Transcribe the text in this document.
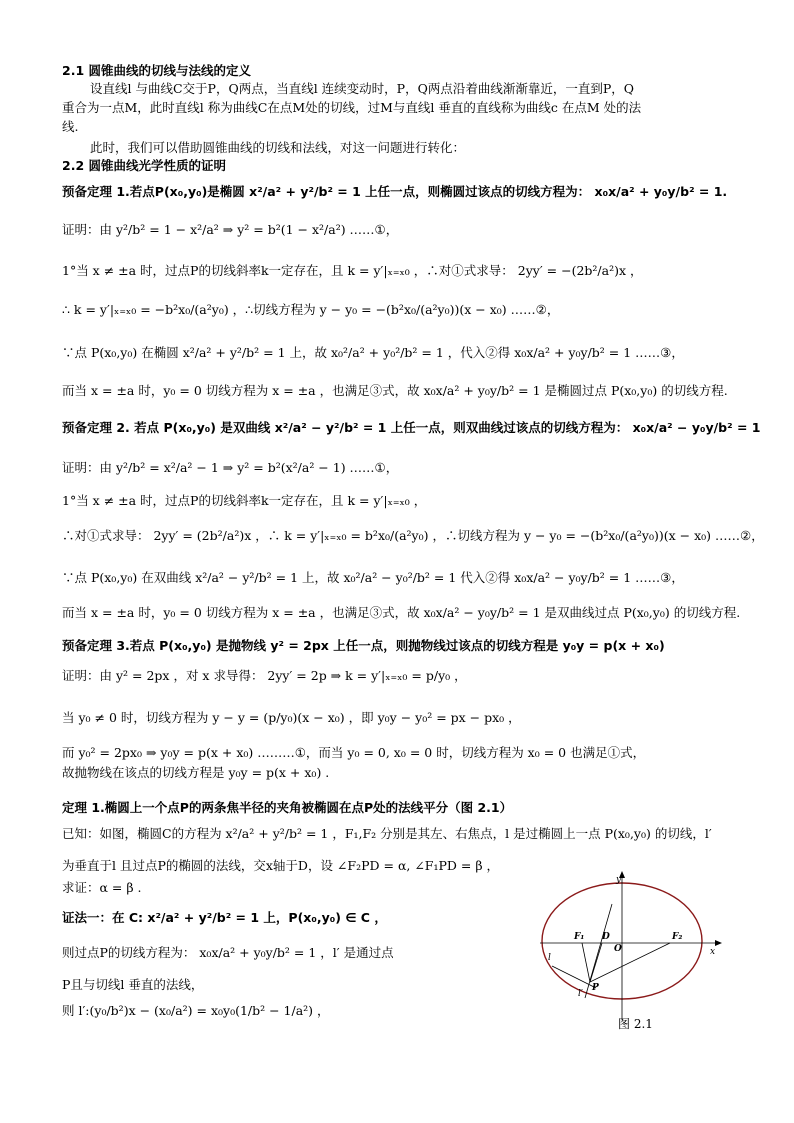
2.1 圆锥曲线的切线与法线的定义
设直线l 与曲线C交于P，Q两点，当直线l 连续变动时，P，Q两点沿着曲线渐渐靠近，一直到P，Q
重合为一点M，此时直线l 称为曲线C在点M处的切线，过M与直线l 垂直的直线称为曲线c 在点M 处的法
线.
此时，我们可以借助圆锥曲线的切线和法线，对这一问题进行转化：
2.2 圆锥曲线光学性质的证明
预备定理 1.若点P(x₀,y₀)是椭圆 x²/a² + y²/b² = 1 上任一点，则椭圆过该点的切线方程为： x₀x/a² + y₀y/b² = 1.
证明：由 y²/b² = 1 − x²/a² ⇒ y² = b²(1 − x²/a²) ……①，
1°当 x ≠ ±a 时，过点P的切线斜率k一定存在，且 k = y′|ₓ₌ₓ₀ ，∴对①式求导： 2yy′ = −(2b²/a²)x ，
∴ k = y′|ₓ₌ₓ₀ = −b²x₀/(a²y₀) ，∴切线方程为 y − y₀ = −(b²x₀/(a²y₀))(x − x₀) ……②，
∵点 P(x₀,y₀) 在椭圆 x²/a² + y²/b² = 1 上，故 x₀²/a² + y₀²/b² = 1 ，代入②得 x₀x/a² + y₀y/b² = 1 ……③，
而当 x = ±a 时，y₀ = 0 切线方程为 x = ±a ，也满足③式，故 x₀x/a² + y₀y/b² = 1 是椭圆过点 P(x₀,y₀) 的切线方程.
预备定理 2. 若点 P(x₀,y₀) 是双曲线 x²/a² − y²/b² = 1 上任一点，则双曲线过该点的切线方程为： x₀x/a² − y₀y/b² = 1
证明：由 y²/b² = x²/a² − 1 ⇒ y² = b²(x²/a² − 1) ……①，
1°当 x ≠ ±a 时，过点P的切线斜率k一定存在，且 k = y′|ₓ₌ₓ₀ ，
∴对①式求导： 2yy′ = (2b²/a²)x ，∴ k = y′|ₓ₌ₓ₀ = b²x₀/(a²y₀) ，∴切线方程为 y − y₀ = −(b²x₀/(a²y₀))(x − x₀) ……②，
∵点 P(x₀,y₀) 在双曲线 x²/a² − y²/b² = 1 上，故 x₀²/a² − y₀²/b² = 1 代入②得 x₀x/a² − y₀y/b² = 1 ……③，
而当 x = ±a 时，y₀ = 0 切线方程为 x = ±a ，也满足③式，故 x₀x/a² − y₀y/b² = 1 是双曲线过点 P(x₀,y₀) 的切线方程.
预备定理 3.若点 P(x₀,y₀) 是抛物线 y² = 2px 上任一点，则抛物线过该点的切线方程是 y₀y = p(x + x₀)
证明：由 y² = 2px ，对 x 求导得： 2yy′ = 2p ⇒ k = y′|ₓ₌ₓ₀ = p/y₀ ，
当 y₀ ≠ 0 时，切线方程为 y − y = (p/y₀)(x − x₀) ，即 y₀y − y₀² = px − px₀ ，
而 y₀² = 2px₀ ⇒ y₀y = p(x + x₀) ………①，而当 y₀ = 0, x₀ = 0 时，切线方程为 x₀ = 0 也满足①式，
故抛物线在该点的切线方程是 y₀y = p(x + x₀) .
定理 1.椭圆上一个点P的两条焦半径的夹角被椭圆在点P处的法线平分（图 2.1）
已知：如图，椭圆C的方程为 x²/a² + y²/b² = 1 ，F₁,F₂ 分别是其左、右焦点，l 是过椭圆上一点 P(x₀,y₀) 的切线，l′
为垂直于l 且过点P的椭圆的法线，交x轴于D，设 ∠F₂PD = α, ∠F₁PD = β ，
求证：α = β .
证法一：在 C: x²/a² + y²/b² = 1 上，P(x₀,y₀) ∈ C ，
则过点P的切线方程为： x₀x/a² + y₀y/b² = 1 ，l′ 是通过点
P且与切线l 垂直的法线，
则 l′:(y₀/b²)x − (x₀/a²) = x₀y₀(1/b² − 1/a²) ，
y
x
F₁	F₂
D
O
l
l′
P
图 2.1
